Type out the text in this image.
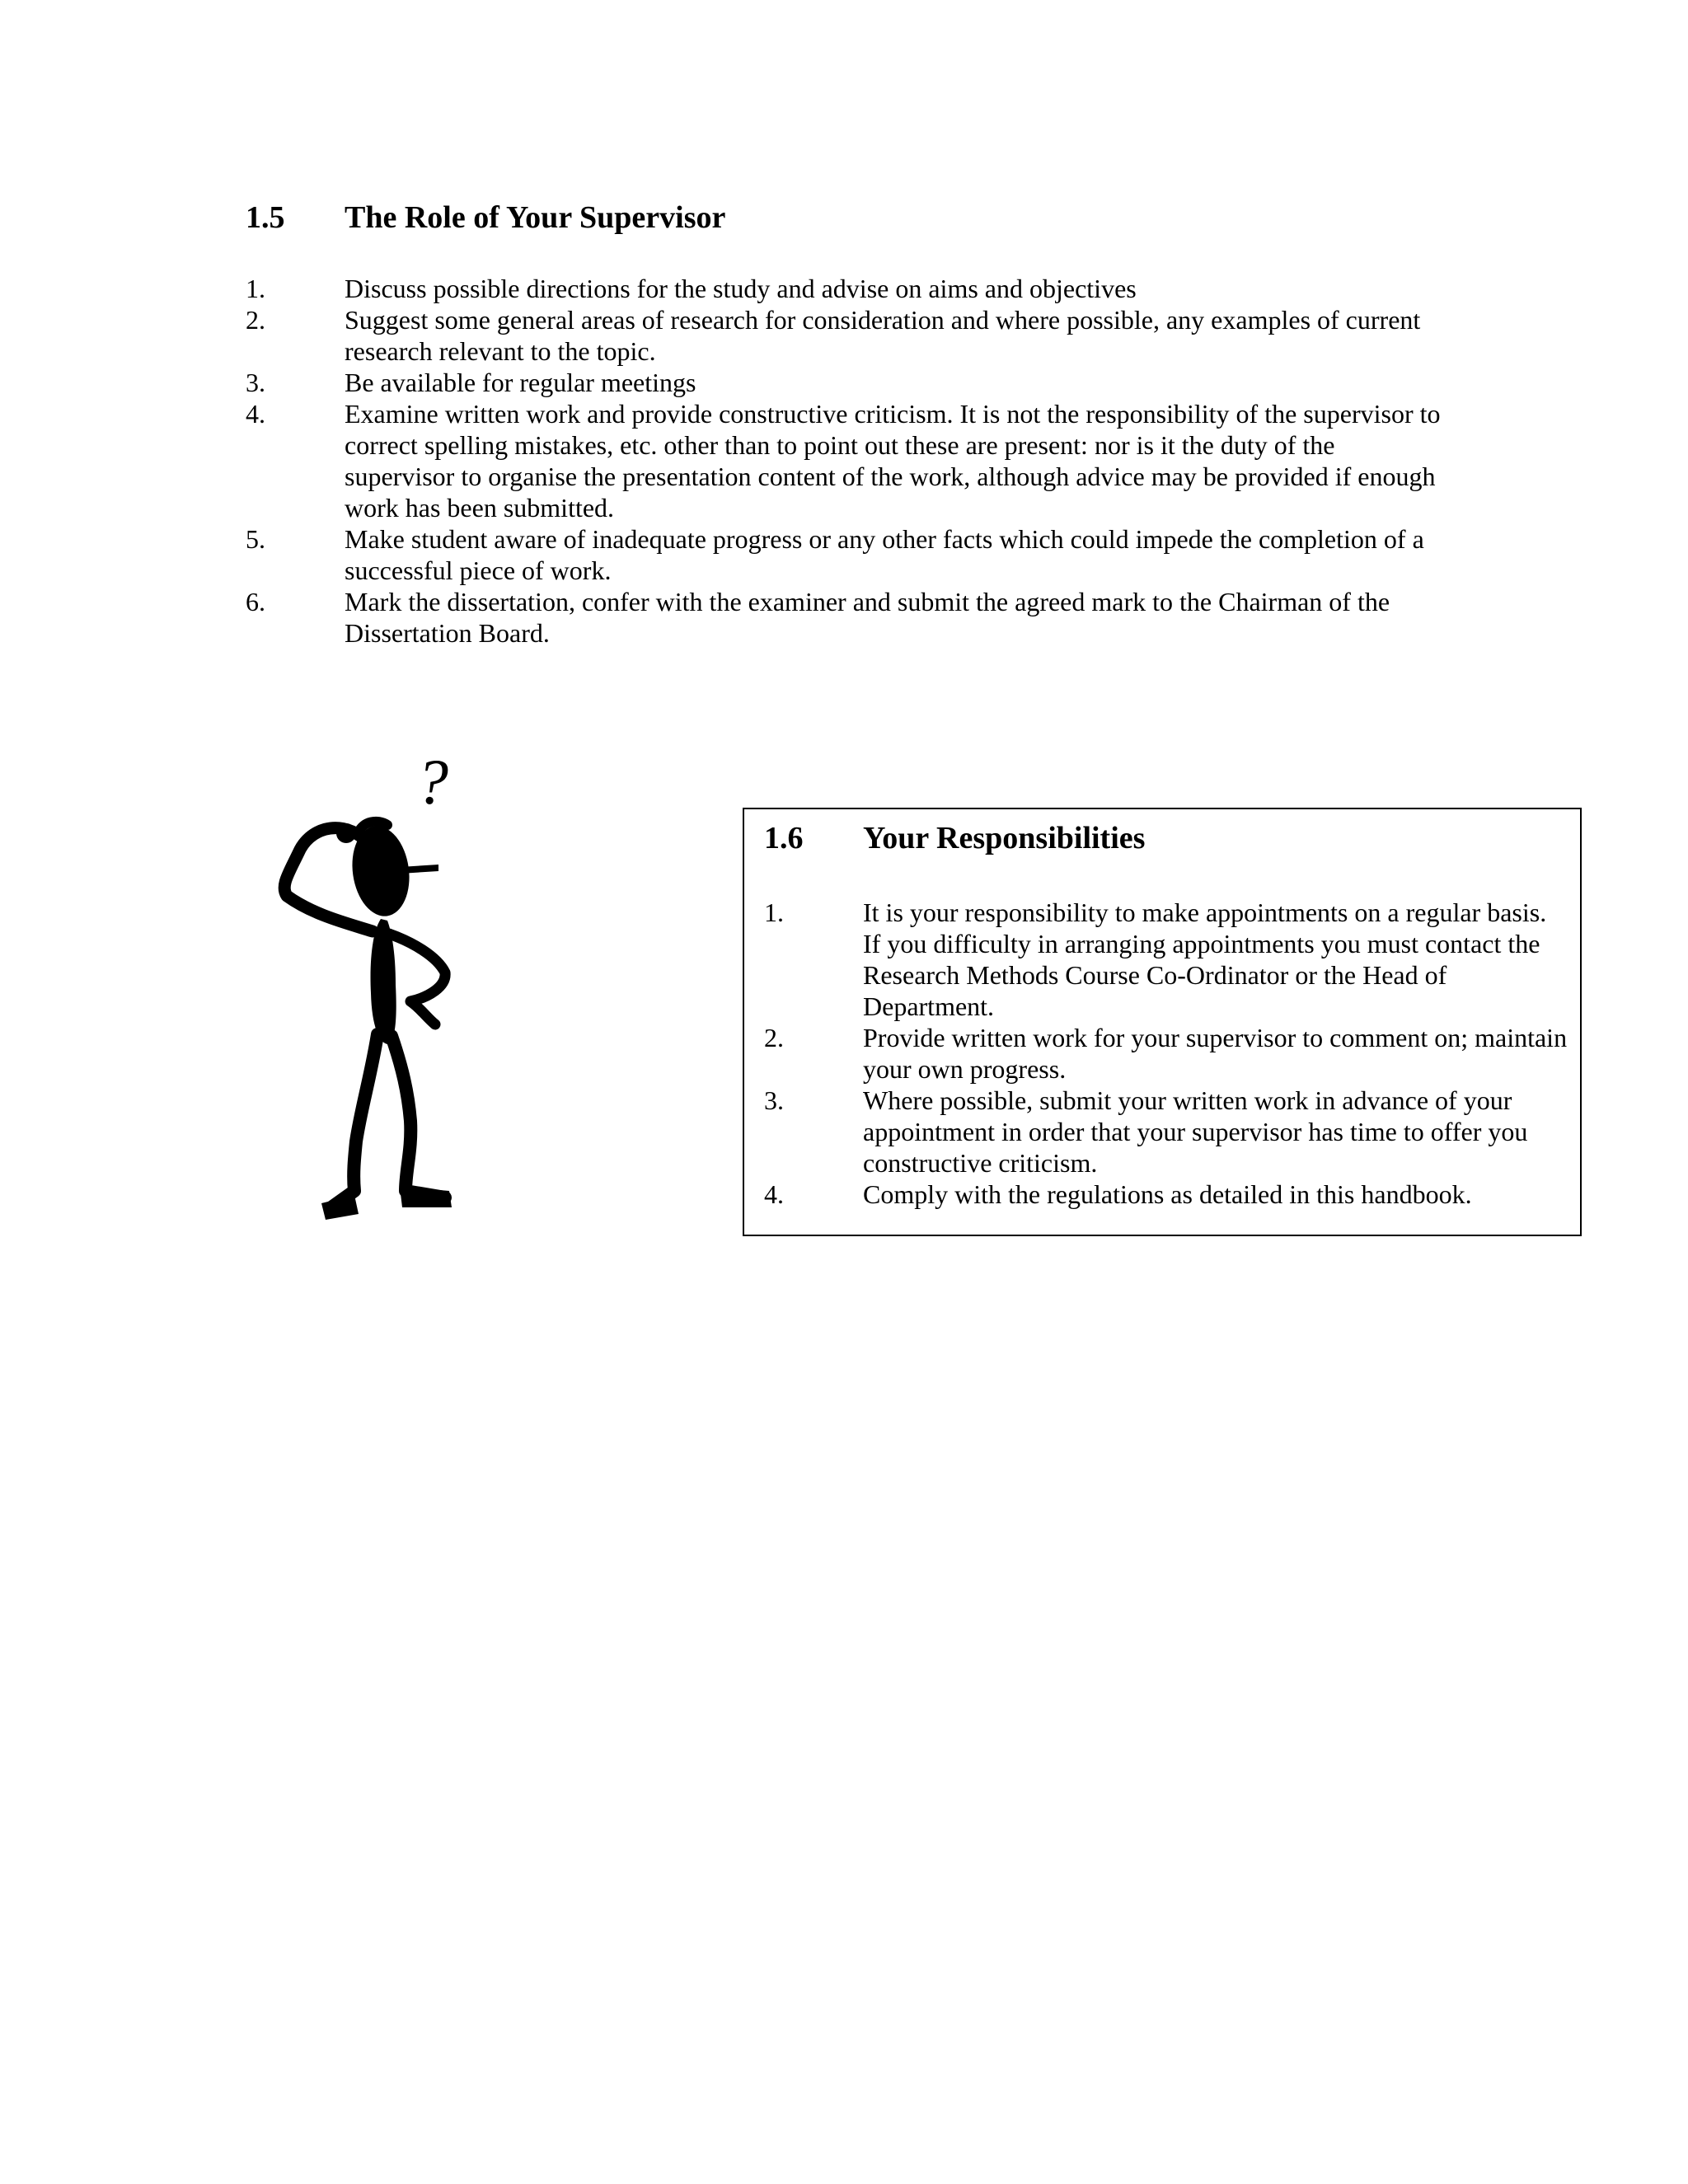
1.5 The Role of Your Supervisor
1.	Discuss possible directions for the study and advise on aims and objectives
2.	Suggest some general areas of research for consideration and where possible, any examples of current research relevant to the topic.
3.	Be available for regular meetings
4.	Examine written work and provide constructive criticism. It is not the responsibility of the supervisor to correct spelling mistakes, etc. other than to point out these are present: nor is it the duty of the supervisor to organise the presentation content of the work, although advice may be provided if enough work has been submitted.
5.	Make student aware of inadequate progress or any other facts which could impede the completion of a successful piece of work.
6.	Mark the dissertation, confer with the examiner and submit the agreed mark to the Chairman of the Dissertation Board.
?
1.6 Your Responsibilities
1.	It is your responsibility to make appointments on a regular basis. If you difficulty in arranging appointments you must contact the Research Methods Course Co-Ordinator or the Head of Department.
2.	Provide written work for your supervisor to comment on; maintain your own progress.
3.	Where possible, submit your written work in advance of your appointment in order that your supervisor has time to offer you constructive criticism.
4.	Comply with the regulations as detailed in this handbook.
